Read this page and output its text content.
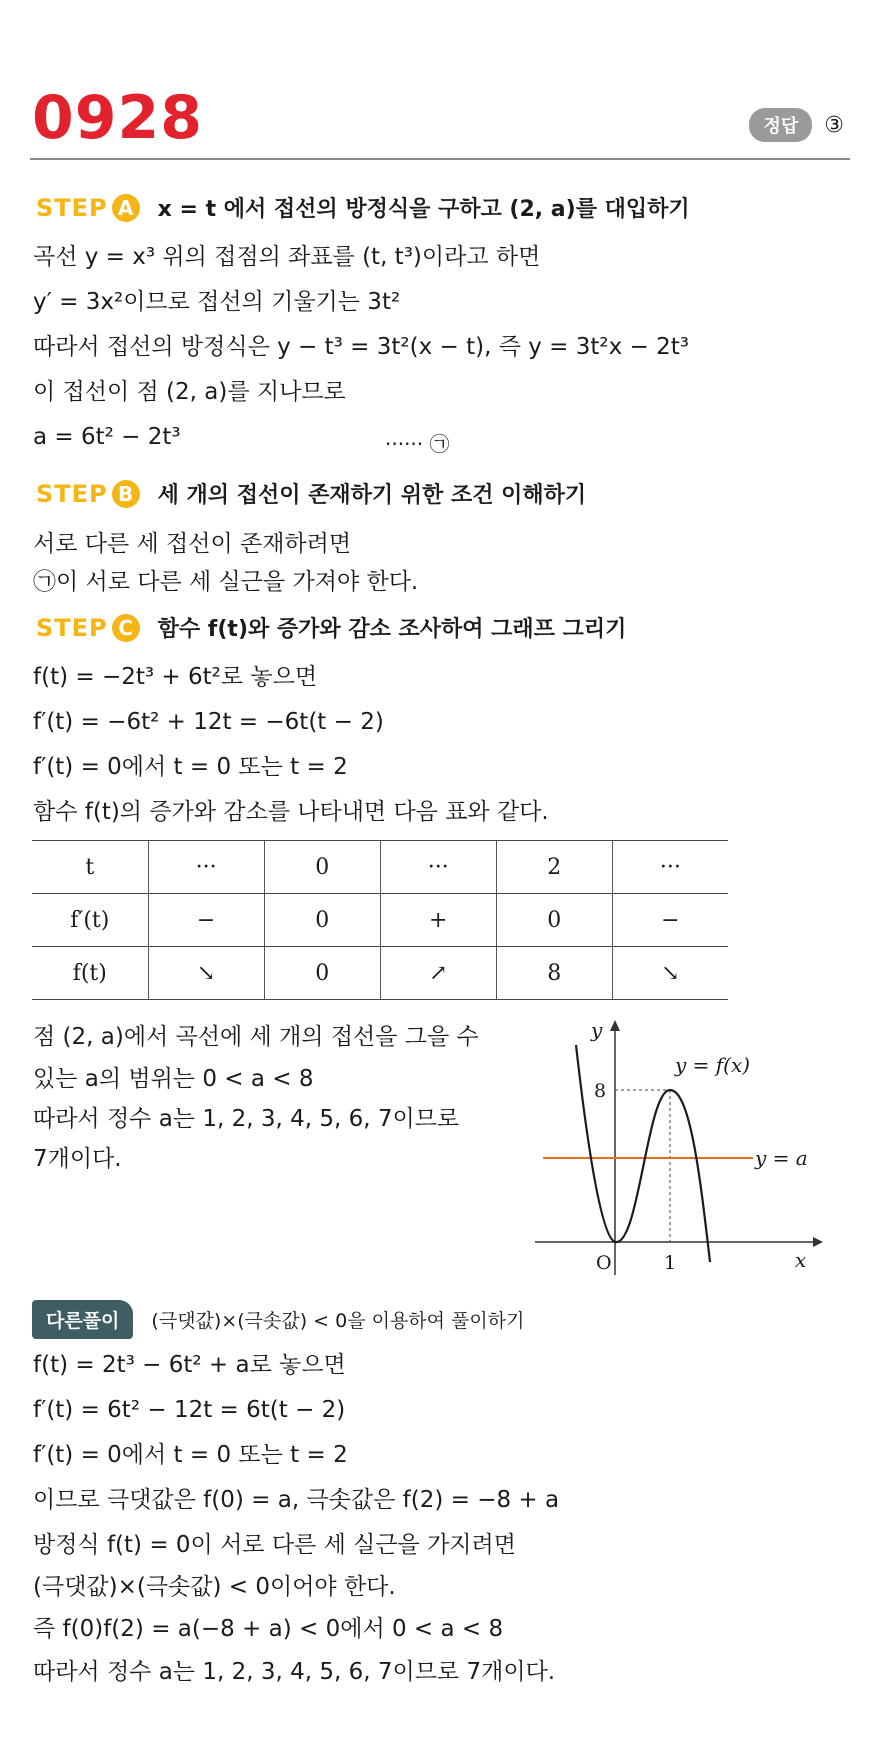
0928	정답	③
STEP A x = t 에서 접선의 방정식을 구하고 (2, a)를 대입하기
곡선 y = x³ 위의 접점의 좌표를 (t, t³)이라고 하면
y′ = 3x²이므로 접선의 기울기는 3t²
따라서 접선의 방정식은 y − t³ = 3t²(x − t), 즉 y = 3t²x − 2t³
이 접선이 점 (2, a)를 지나므로
a = 6t² − 2t³	······ ㉠
STEP B 세 개의 접선이 존재하기 위한 조건 이해하기
서로 다른 세 접선이 존재하려면
㉠이 서로 다른 세 실근을 가져야 한다.
STEP C	함수 f(t)와 증가와 감소 조사하여 그래프 그리기
f(t) = −2t³ + 6t²로 놓으면
f′(t) = −6t² + 12t = −6t(t − 2)
f′(t) = 0에서 t = 0 또는 t = 2
함수 f(t)의 증가와 감소를 나타내면 다음 표와 같다.
t	···	0	···	2	···
f′(t)	−	0	+	0	−
f(t)	↘	0	↗	8	↘
점 (2, a)에서 곡선에 세 개의 접선을 그을 수
있는 a의 범위는 0 < a < 8
따라서 정수 a는 1, 2, 3, 4, 5, 6, 7이므로
7개이다.
y
x
O
8
1
y = f(x)
y = a
다른풀이	(극댓값)×(극솟값) < 0을 이용하여 풀이하기
f(t) = 2t³ − 6t² + a로 놓으면
f′(t) = 6t² − 12t = 6t(t − 2)
f′(t) = 0에서 t = 0 또는 t = 2
이므로 극댓값은 f(0) = a, 극솟값은 f(2) = −8 + a
방정식 f(t) = 0이 서로 다른 세 실근을 가지려면
(극댓값)×(극솟값) < 0이어야 한다.
즉 f(0)f(2) = a(−8 + a) < 0에서 0 < a < 8
따라서 정수 a는 1, 2, 3, 4, 5, 6, 7이므로 7개이다.
